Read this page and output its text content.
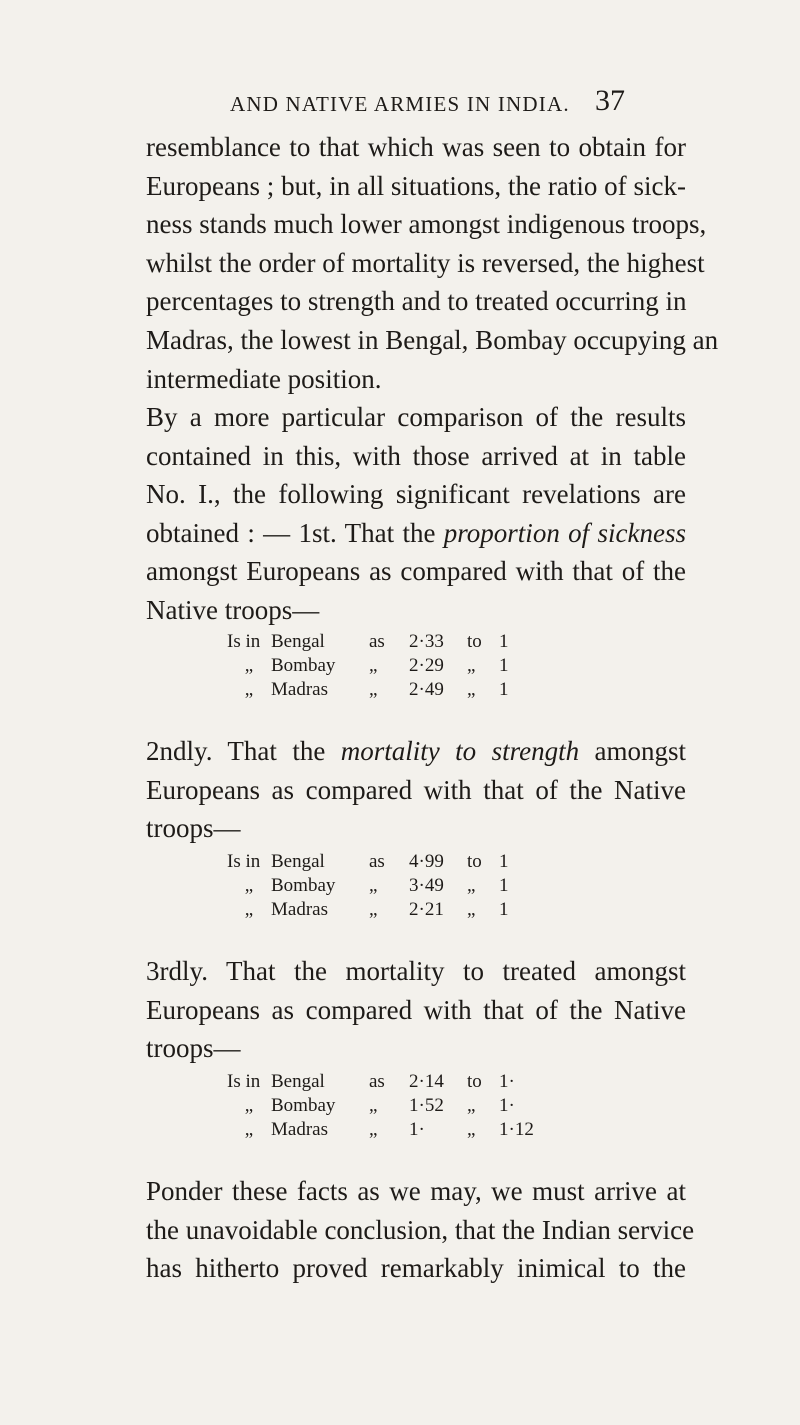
AND NATIVE ARMIES IN INDIA. 37
resemblance to that which was seen to obtain for
Europeans ; but, in all situations, the ratio of sick-
ness stands much lower amongst indigenous troops,
whilst the order of mortality is reversed, the highest
percentages to strength and to treated occurring in
Madras, the lowest in Bengal, Bombay occupying an
intermediate position.
By a more particular comparison of the results
contained in this, with those arrived at in table
No. I., the following significant revelations are
obtained : — 1st. That the proportion of sickness
amongst Europeans as compared with that of the
Native troops—
Is in	Bengal	as	2·33	to	1
„	Bombay	„	2·29	„	1
„	Madras	„	2·49	„	1
2ndly. That the mortality to strength amongst
Europeans as compared with that of the Native
troops—
Is in	Bengal	as	4·99	to	1
„	Bombay	„	3·49	„	1
„	Madras	„	2·21	„	1
3rdly. That the mortality to treated amongst
Europeans as compared with that of the Native
troops—
Is in	Bengal	as	2·14	to	1·
„	Bombay	„	1·52	„	1·
„	Madras	„	1·	„	1·12
Ponder these facts as we may, we must arrive at
the unavoidable conclusion, that the Indian service
has hitherto proved remarkably inimical to the
